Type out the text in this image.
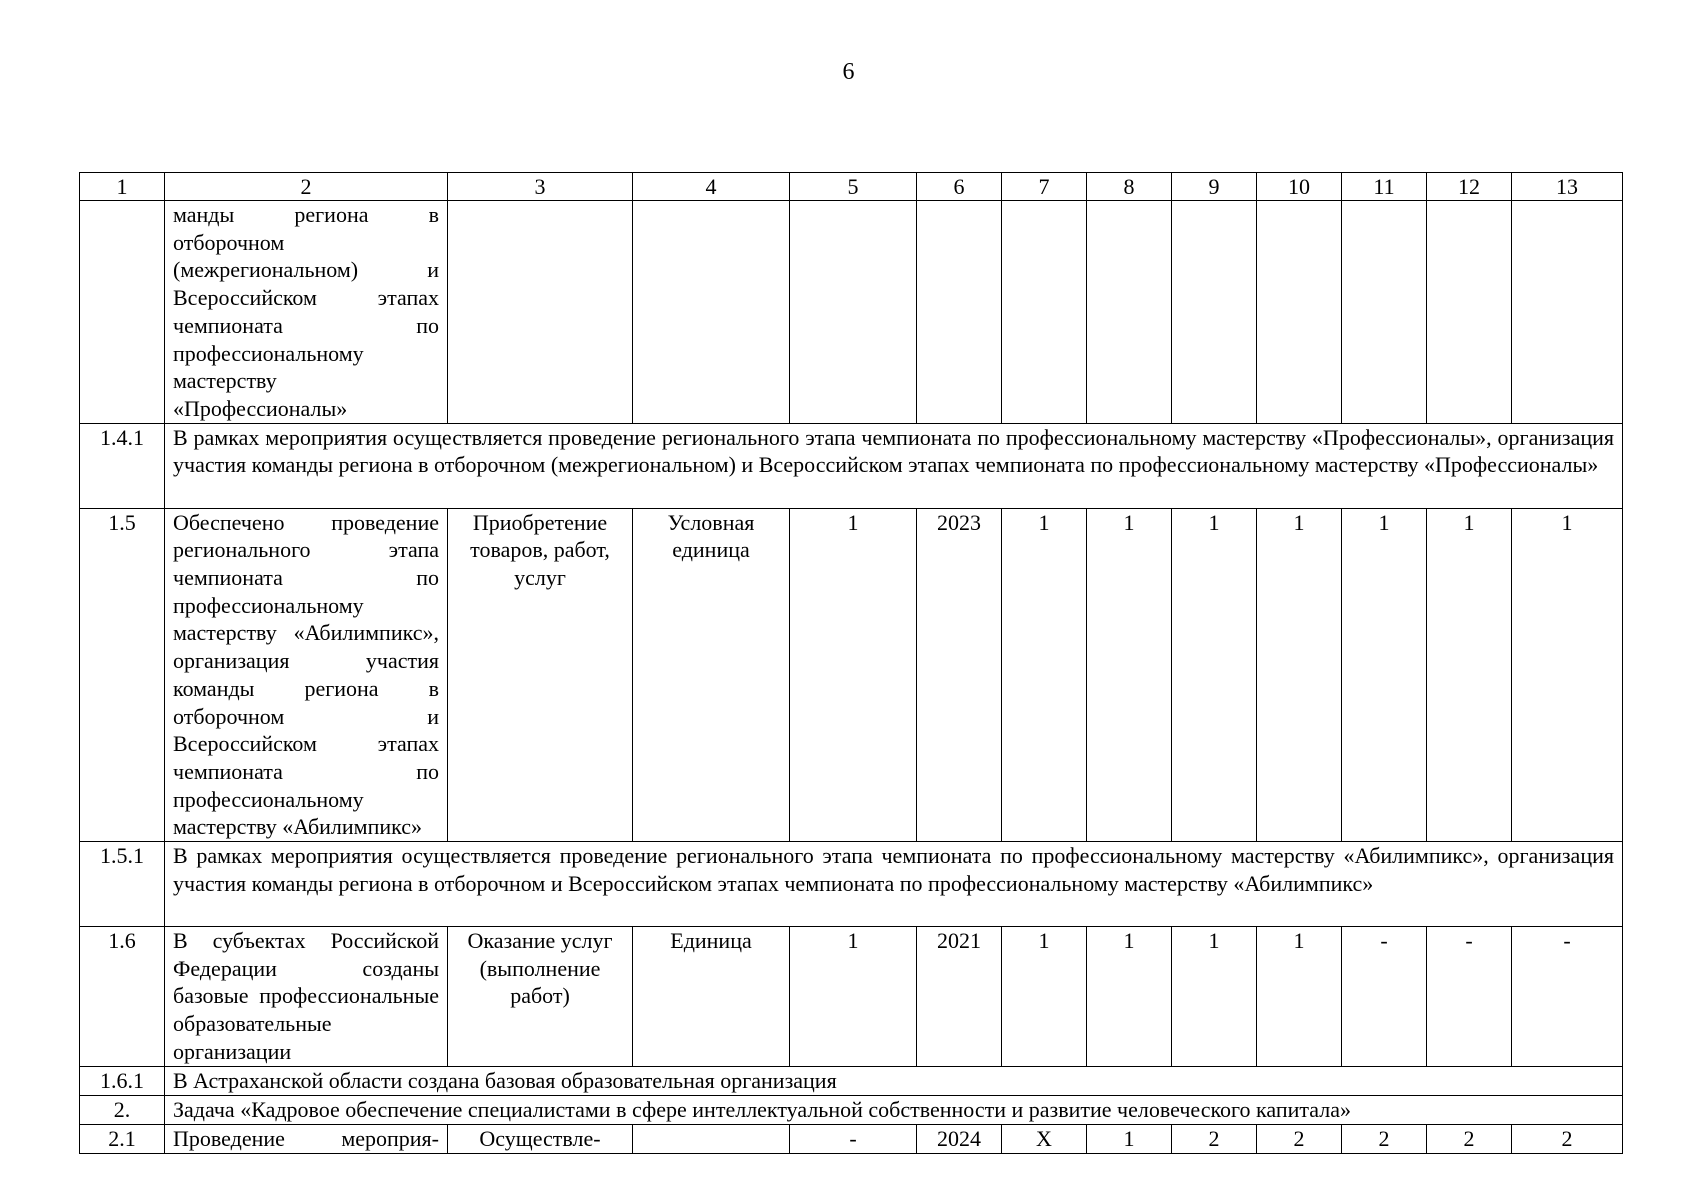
6
1	2	3	4	5	6	7	8	9	10	11	12	13
	манды региона в отборочном (межрегиональном) и Всероссийском этапах чемпионата по профессиональному мастерству «Профессионалы»											
1.4.1	В рамках мероприятия осуществляется проведение регионального этапа чемпионата по профессиональному мастерству «Профессионалы», организация участия команды региона в отборочном (межрегиональном) и Всероссийском этапах чемпионата по профессиональному мастерству «Профессионалы»											
1.5	Обеспечено проведение регионального этапа чемпионата по профессиональному мастерству «Абилимпикс», организация участия команды региона в отборочном и Всероссийском этапах чемпионата по профессиональному мастерству «Абилимпикс»	Приобретение товаров, работ, услуг	Условная единица	1	2023	1	1	1	1	1	1	1
1.5.1	В рамках мероприятия осуществляется проведение регионального этапа чемпионата по профессиональному мастерству «Абилимпикс», организация участия команды региона в отборочном и Всероссийском этапах чемпионата по профессиональному мастерству «Абилимпикс»											
1.6	В субъектах Российской Федерации созданы базовые профессиональные образовательные организации	Оказание услуг (выполнение работ)	Единица	1	2021	1	1	1	1	-	-	-
1.6.1	В Астраханской области создана базовая образовательная организация											
2.	Задача «Кадровое обеспечение специалистами в сфере интеллектуальной собственности и развитие человеческого капитала»											
2.1	Проведение мероприя-	Осуществле-		-	2024	X	1	2	2	2	2	2
